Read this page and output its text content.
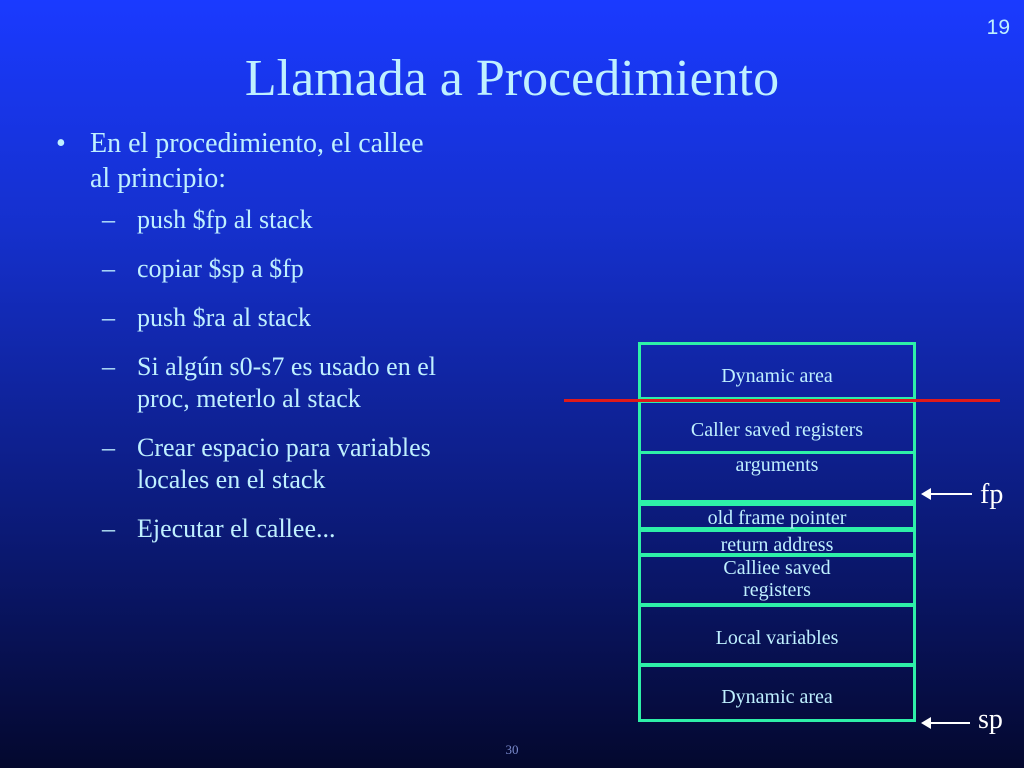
19
Llamada a Procedimiento
• En el procedimiento, el callee
al principio:
– push $fp al stack
– copiar $sp a $fp
– push $ra al stack
– Si algún s0-s7 es usado en el
proc, meterlo al stack
– Crear espacio para variables
locales en el stack
– Ejecutar el callee...
Dynamic area
Caller saved registers
arguments
old frame pointer
return address
Calliee saved
registers
Local variables
Dynamic area
fp
sp
30
